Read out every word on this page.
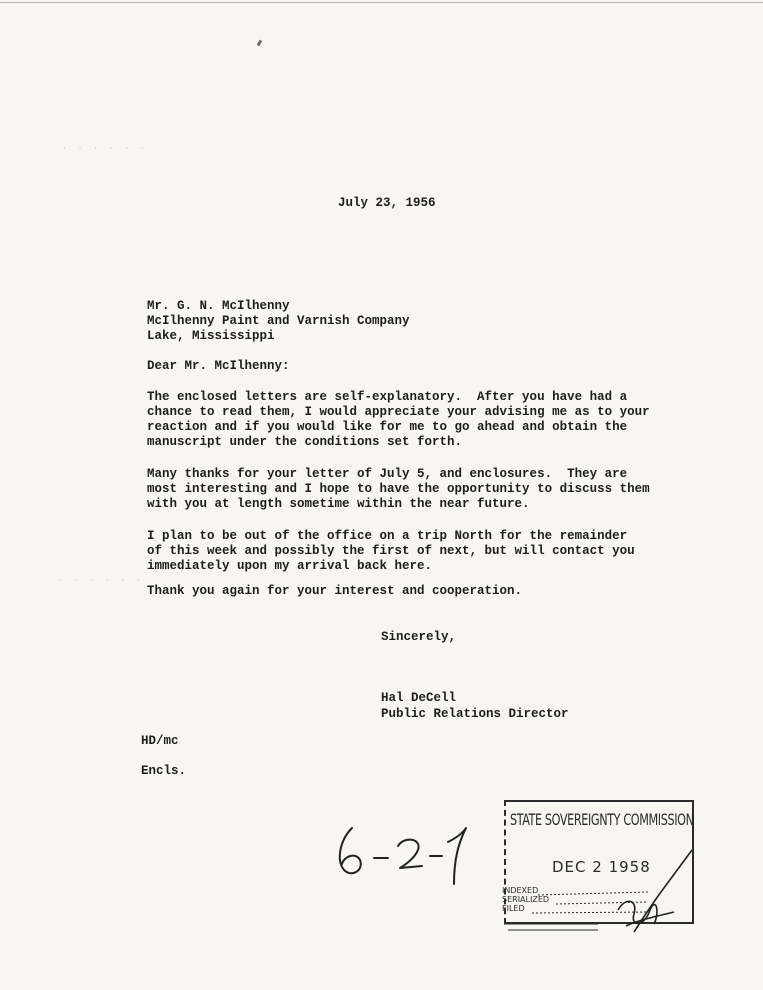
· · · · · ·
· · · · · ·
July 23, 1956
Mr. G. N. McIlhenny
McIlhenny Paint and Varnish Company
Lake, Mississippi
Dear Mr. McIlhenny:
The enclosed letters are self-explanatory.  After you have had a
chance to read them, I would appreciate your advising me as to your
reaction and if you would like for me to go ahead and obtain the
manuscript under the conditions set forth.
Many thanks for your letter of July 5, and enclosures.  They are
most interesting and I hope to have the opportunity to discuss them
with you at length sometime within the near future.
I plan to be out of the office on a trip North for the remainder
of this week and possibly the first of next, but will contact you
immediately upon my arrival back here.
Thank you again for your interest and cooperation.
Sincerely,
Hal DeCell
Public Relations Director
HD/mc
Encls.
STATE SOVEREIGNTY COMMISSION
DEC 2 1958
INDEXED
SERIALIZED
FILED
